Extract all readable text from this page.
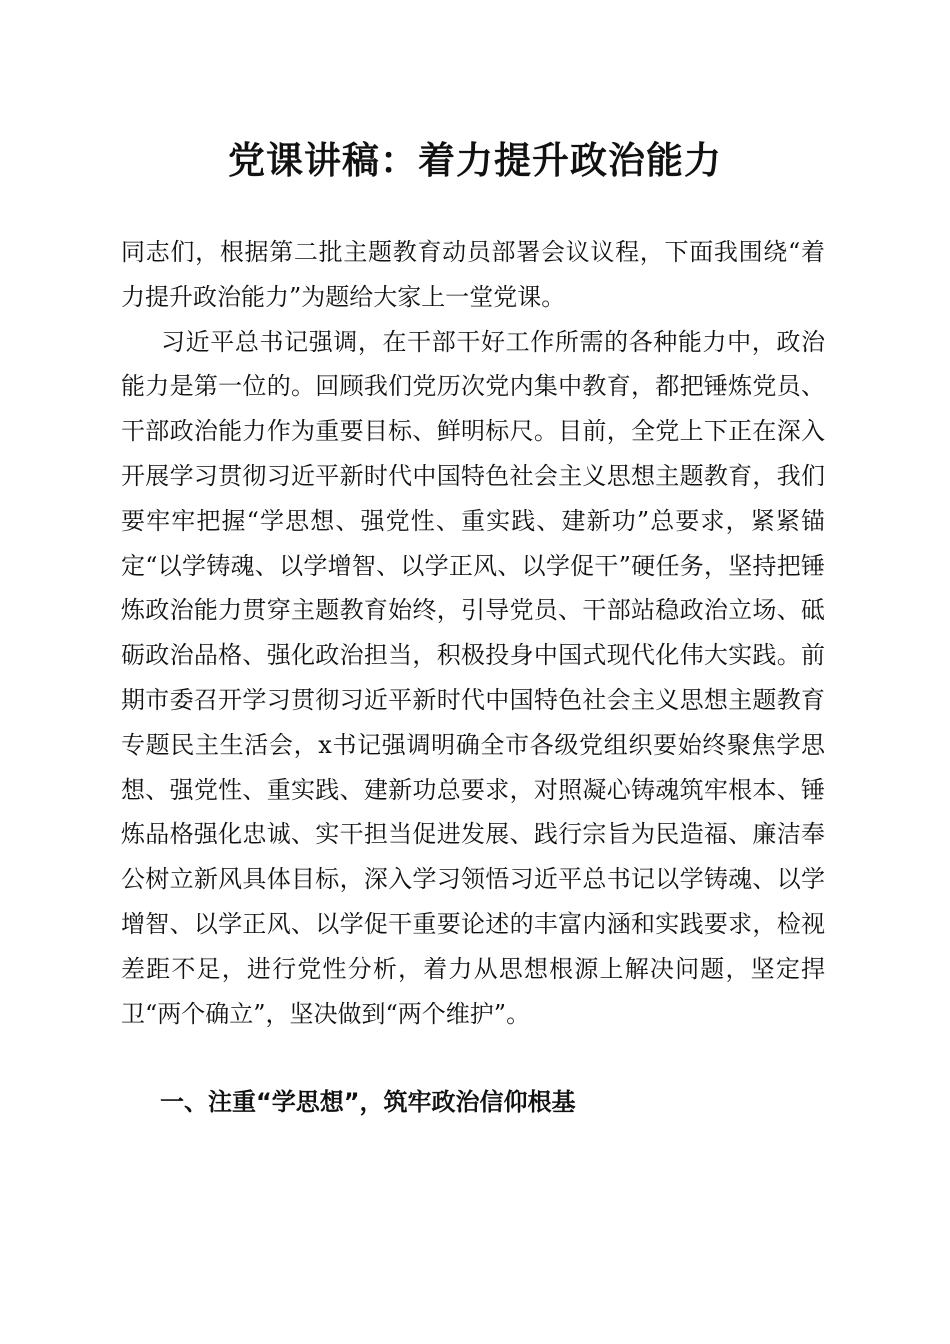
党课讲稿：着力提升政治能力

同志们，根据第二批主题教育动员部署会议议程，下面我围绕“着力提升政治能力”为题给大家上一堂党课。

习近平总书记强调，在干部干好工作所需的各种能力中，政治能力是第一位的。回顾我们党历次党内集中教育，都把锤炼党员、干部政治能力作为重要目标、鲜明标尺。目前，全党上下正在深入开展学习贯彻习近平新时代中国特色社会主义思想主题教育，我们要牢牢把握“学思想、强党性、重实践、建新功”总要求，紧紧锚定“以学铸魂、以学增智、以学正风、以学促干”硬任务，坚持把锤炼政治能力贯穿主题教育始终，引导党员、干部站稳政治立场、砥砺政治品格、强化政治担当，积极投身中国式现代化伟大实践。前期市委召开学习贯彻习近平新时代中国特色社会主义思想主题教育专题民主生活会，x书记强调明确全市各级党组织要始终聚焦学思想、强党性、重实践、建新功总要求，对照凝心铸魂筑牢根本、锤炼品格强化忠诚、实干担当促进发展、践行宗旨为民造福、廉洁奉公树立新风具体目标，深入学习领悟习近平总书记以学铸魂、以学增智、以学正风、以学促干重要论述的丰富内涵和实践要求，检视差距不足，进行党性分析，着力从思想根源上解决问题，坚定捍卫“两个确立”，坚决做到“两个维护”。

一、注重“学思想”，筑牢政治信仰根基
